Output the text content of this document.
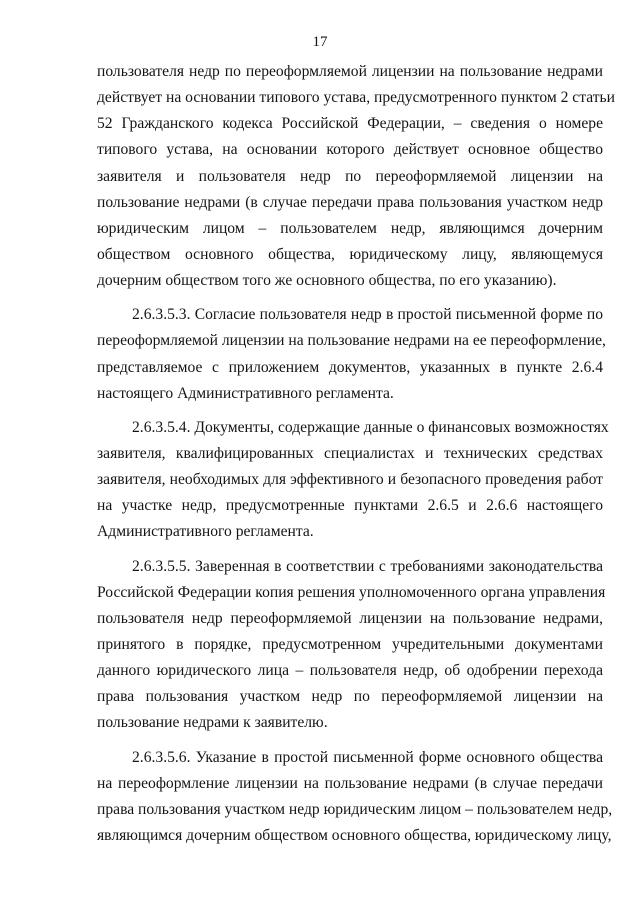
17
пользователя недр по переоформляемой лицензии на пользование недрами
действует на основании типового устава, предусмотренного пунктом 2 статьи
52 Гражданского кодекса Российской Федерации, – сведения о номере
типового устава, на основании которого действует основное общество
заявителя и пользователя недр по переоформляемой лицензии на
пользование недрами (в случае передачи права пользования участком недр
юридическим лицом – пользователем недр, являющимся дочерним
обществом основного общества, юридическому лицу, являющемуся
дочерним обществом того же основного общества, по его указанию).
2.6.3.5.3. Согласие пользователя недр в простой письменной форме по
переоформляемой лицензии на пользование недрами на ее переоформление,
представляемое с приложением документов, указанных в пункте 2.6.4
настоящего Административного регламента.
2.6.3.5.4. Документы, содержащие данные о финансовых возможностях
заявителя, квалифицированных специалистах и технических средствах
заявителя, необходимых для эффективного и безопасного проведения работ
на участке недр, предусмотренные пунктами 2.6.5 и 2.6.6 настоящего
Административного регламента.
2.6.3.5.5. Заверенная в соответствии с требованиями законодательства
Российской Федерации копия решения уполномоченного органа управления
пользователя недр переоформляемой лицензии на пользование недрами,
принятого в порядке, предусмотренном учредительными документами
данного юридического лица – пользователя недр, об одобрении перехода
права пользования участком недр по переоформляемой лицензии на
пользование недрами к заявителю.
2.6.3.5.6. Указание в простой письменной форме основного общества
на переоформление лицензии на пользование недрами (в случае передачи
права пользования участком недр юридическим лицом – пользователем недр,
являющимся дочерним обществом основного общества, юридическому лицу,
